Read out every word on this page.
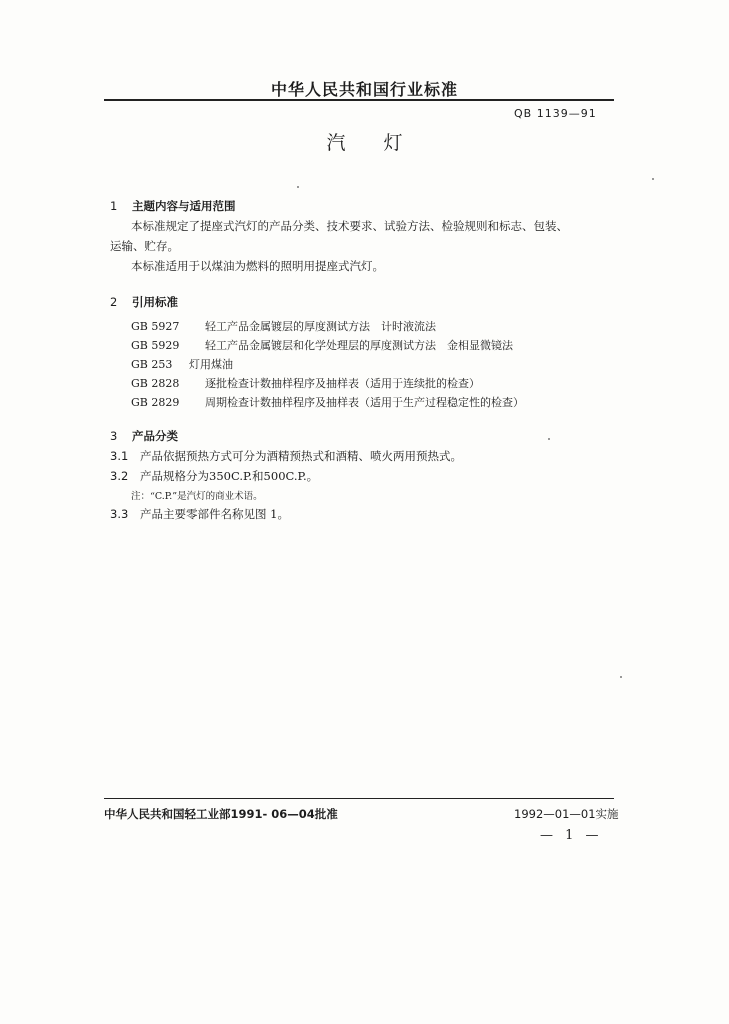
中华人民共和国行业标准
QB 1139—91
汽　　灯
1 主题内容与适用范围
本标准规定了提座式汽灯的产品分类、技术要求、试验方法、检验规则和标志、包装、
运输、贮存。
本标准适用于以煤油为燃料的照明用提座式汽灯。
2 引用标准
GB 5927 轻工产品金属镀层的厚度测试方法　计时液流法
GB 5929 轻工产品金属镀层和化学处理层的厚度测试方法　金相显微镜法
GB 253 灯用煤油
GB 2828 逐批检查计数抽样程序及抽样表（适用于连续批的检查）
GB 2829 周期检查计数抽样程序及抽样表（适用于生产过程稳定性的检查）
3 产品分类
3.1 产品依据预热方式可分为酒精预热式和酒精、喷火两用预热式。
3.2 产品规格分为350C.P.和500C.P.。
注：“C.P.”是汽灯的商业术语。
3.3 产品主要零部件名称见图 1。
中华人民共和国轻工业部1991- 06—04批准	1992—01—01实施
— 1 —
